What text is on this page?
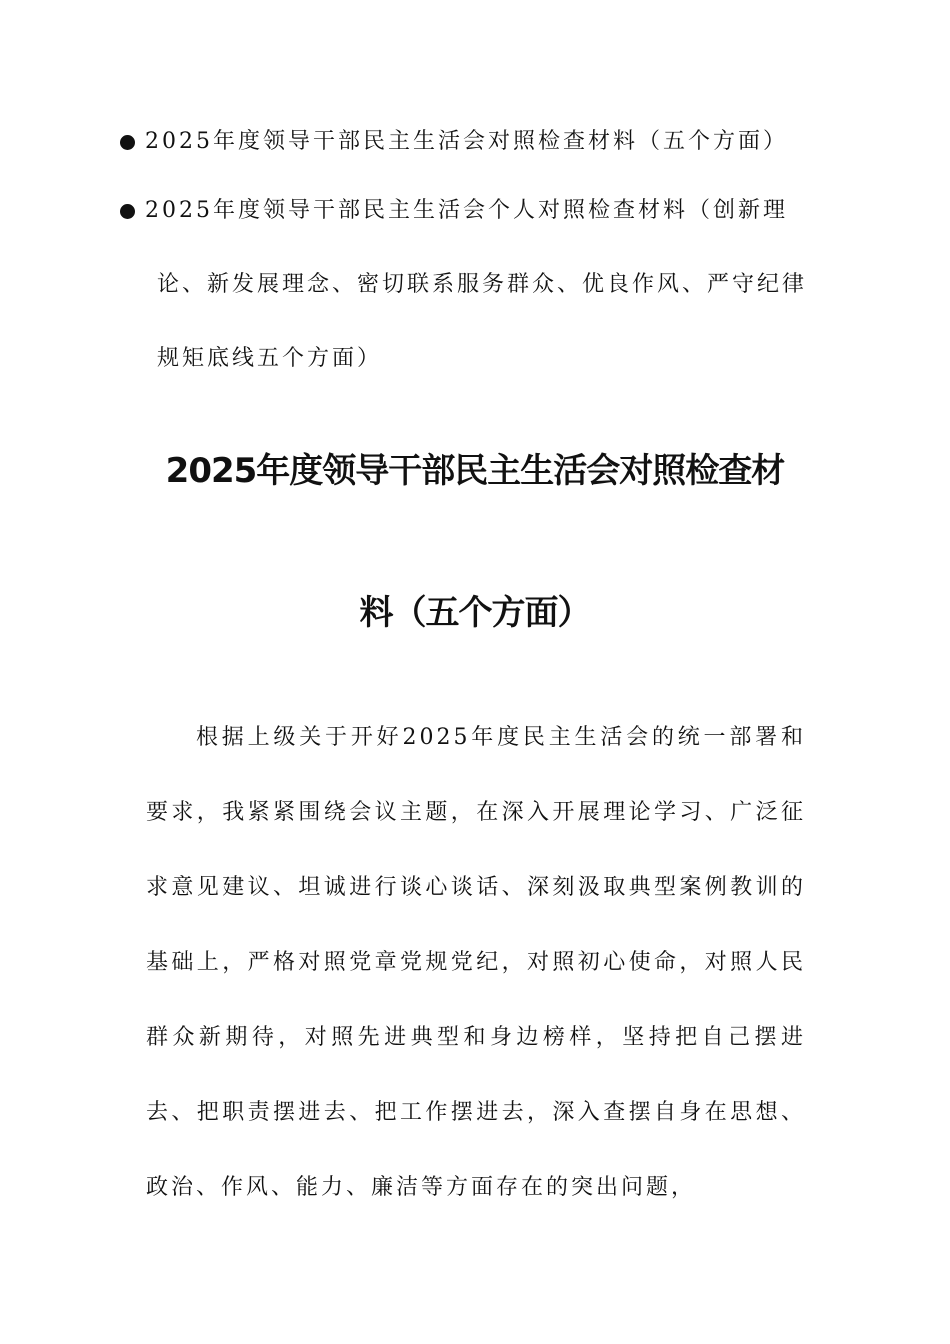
2025年度领导干部民主生活会对照检查材料（五个方面）
2025年度领导干部民主生活会个人对照检查材料（创新理论、新发展理念、密切联系服务群众、优良作风、严守纪律规矩底线五个方面）
2025年度领导干部民主生活会对照检查材料（五个方面）

根据上级关于开好2025年度民主生活会的统一部署和要求，我紧紧围绕会议主题，在深入开展理论学习、广泛征求意见建议、坦诚进行谈心谈话、深刻汲取典型案例教训的基础上，严格对照党章党规党纪，对照初心使命，对照人民群众新期待，对照先进典型和身边榜样，坚持把自己摆进去、把职责摆进去、把工作摆进去，深入查摆自身在思想、政治、作风、能力、廉洁等方面存在的突出问题，
